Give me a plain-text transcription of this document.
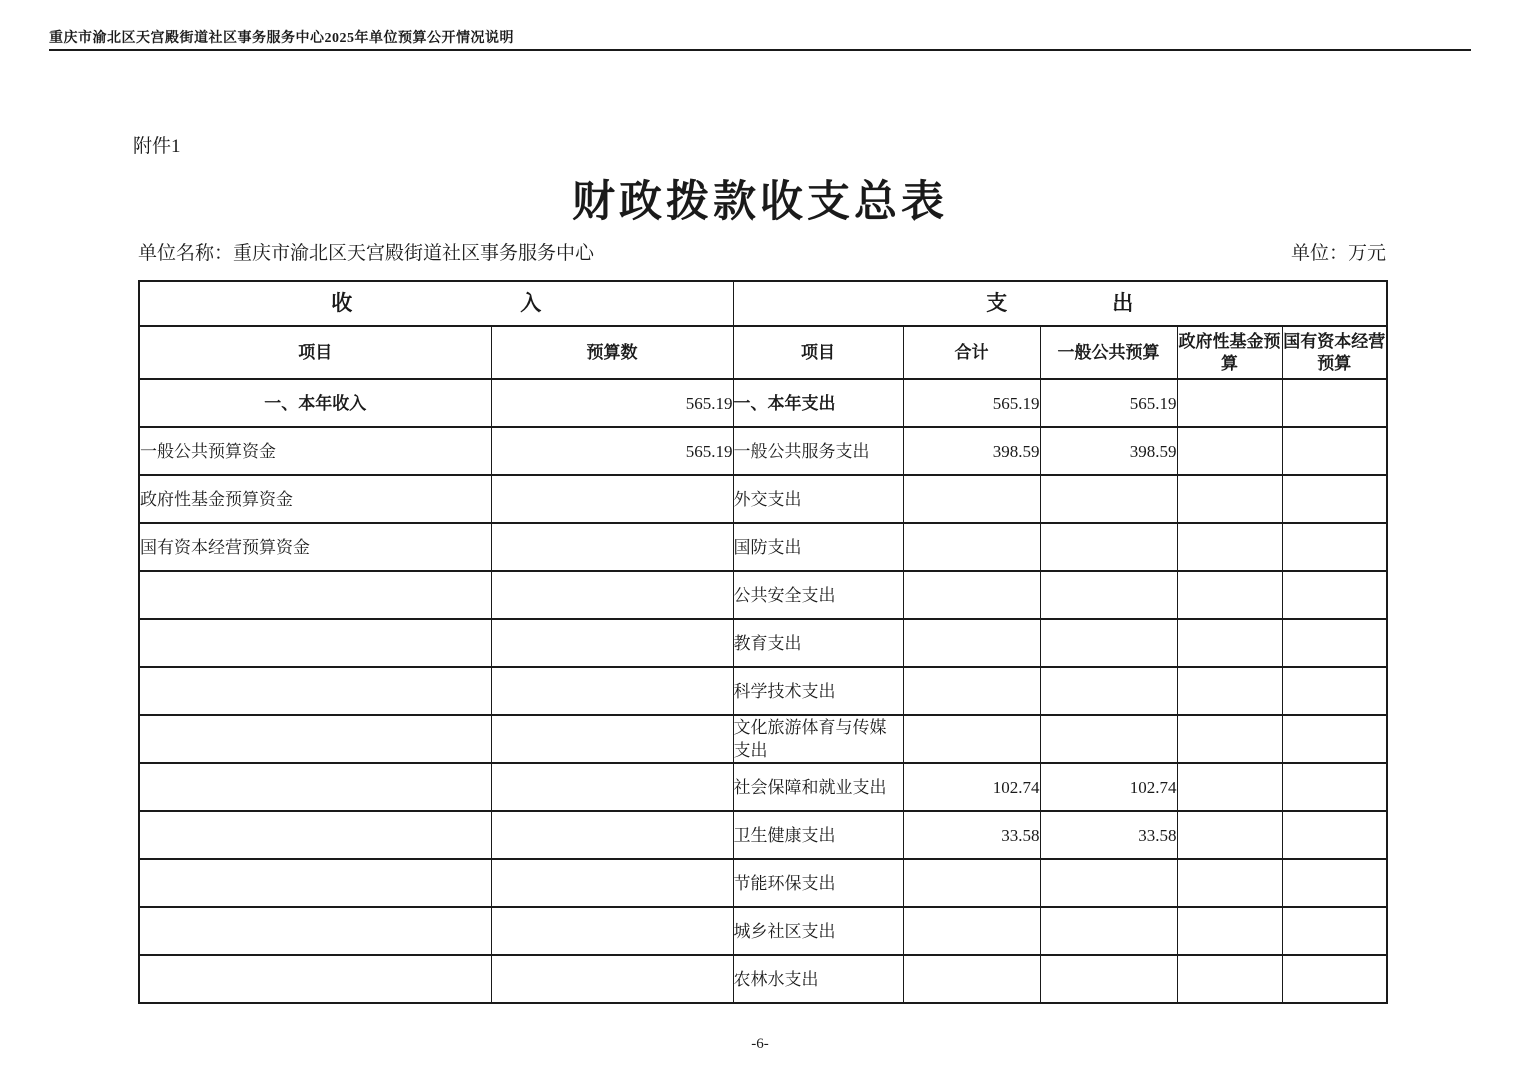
重庆市渝北区天宫殿街道社区事务服务中心2025年单位预算公开情况说明
附件1
财政拨款收支总表
单位名称：重庆市渝北区天宫殿街道社区事务服务中心	单位：万元
收　　　　　　　　入		支　　　　　出				
项目	预算数	项目	合计	一般公共预算	政府性基金预算	国有资本经营预算
一、本年收入	565.19	一、本年支出	565.19	565.19		
一般公共预算资金	565.19	一般公共服务支出	398.59	398.59		
政府性基金预算资金		外交支出				
国有资本经营预算资金		国防支出				
		公共安全支出				
		教育支出				
		科学技术支出				
		文化旅游体育与传媒支出				
		社会保障和就业支出	102.74	102.74		
		卫生健康支出	33.58	33.58		
		节能环保支出				
		城乡社区支出				
		农林水支出				
-6-
